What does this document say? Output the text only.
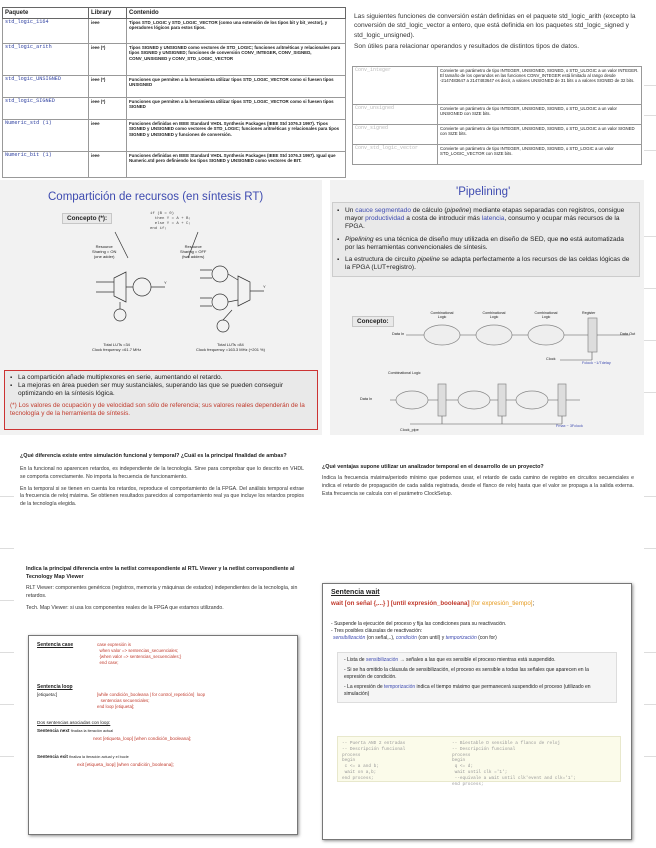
Paquete	Library	Contenido
std_logic_1164	ieee	Tipos STD_LOGIC y STD_LOGIC_VECTOR (como una extensión de los tipos bit y bit_vector), y operadores lógicos para estos tipos.
std_logic_arith	ieee (*)	Tipos SIGNED y UNSIGNED como vectores de STD_LOGIC; funciones aritméticas y relacionales para tipos SIGNED y UNSIGNED; funciones de conversión CONV_INTEGER, CONV_SIGNED, CONV_UNSIGNED y CONV_STD_LOGIC_VECTOR
std_logic_UNSIGNED	ieee (*)	Funciones que permiten a la herramienta utilizar tipos STD_LOGIC_VECTOR como si fuesen tipos UNSIGNED
std_logic_SIGNED	ieee (*)	Funciones que permiten a la herramienta utilizar tipos STD_LOGIC_VECTOR como si fuesen tipos SIGNED
Numeric_std (1)	ieee	Funciones definidas en IEEE Standard VHDL Synthesis Packages (IEEE Std 1076.3 1997). Tipos SIGNED y UNSIGNED como vectores de STD_LOGIC; funciones aritméticas y relacionales para tipos SIGNED y UNSIGNED y funciones de conversión.
Numeric_bit (1)	ieee	Funciones definidas en IEEE Standard VHDL Synthesis Packages (IEEE Std 1076.3 1997). Igual que Numeric.std pero definiendo los tipos SIGNED y UNSIGNED como vectores de BIT.
Las siguientes funciones de conversión están definidas en el paquete std_logic_arith (excepto la conversión de std_logic_vector a entero, que está definida en los paquetes std_logic_signed y std_logic_unsigned).
Son útiles para relacionar operandos y resultados de distintos tipos de datos.
Conv_integer	Convierte un parámetro de tipo INTEGER, UNSIGNED, SIGNED, o STD_ULOGIC a un valor INTEGER. El tamaño de los operandos en las funciones CONV_INTEGER está limitado al rango desde -2147483647 a 2147483647 es decir, a valores UNSIGNED de 31 bits o a valores SIGNED de 32 bits.
Conv_unsigned	Convierte un parámetro de tipo INTEGER, UNSIGNED, SIGNED, o STD_ULOGIC a un valor UNSIGNED con SIZE bits.
Conv_signed	Convierte un parámetro de tipo INTEGER, UNSIGNED, SIGNED, o STD_ULOGIC a un valor SIGNED con SIZE bits.
Conv_std_logic_vector	Convierte un parámetro de tipo INTEGER, UNSIGNED, SIGNED, o STD_LOGIC a un valor STD_LOGIC_VECTOR con SIZE bits.
Compartición de recursos (en síntesis RT)
Concepto (*):
if (B = 0)
then Y = A + B;
else Y = A + C;
end if;
Y
Y
Resource
Sharing = ON
(one adder)
Resource
Sharing = OFF
(two adders)
Total LUTs =34
Clock frequency =61.7 MHz
Total LUTs =84
Clock frequency =163.3 MHz (+201 %)
▪ La compartición añade multiplexores en serie, aumentando el retardo.
▪ La mejoras en área pueden ser muy sustanciales, superando las que se pueden conseguir optimizando en la síntesis lógica.
(*) Los valores de ocupación y de velocidad son sólo de referencia; sus valores reales dependerán de la tecnología y de la herramienta de síntesis.
'Pipelining'
▪ Un cauce segmentado de cálculo (pipeline) mediante etapas separadas con registros, consigue mayor productividad a costa de introducir más latencia, consumo y ocupar más recursos de la FPGA.
▪ Pipelining es una técnica de diseño muy utilizada en diseño de SED, que no está automatizada por las herramientas convencionales de síntesis.
▪ La estructura de circuito pipeline se adapta perfectamente a los recursos de las celdas lógicas de la FPGA (LUT+registro).
Concepto:
Combinational Logic
Combinational Logic
Combinational Logic
Register
Data In	Data Out
Clock
Fclock ~1/Tdelay
Combinational Logic
Data In
Clock_pipe
Fmax ~ 3Fclock
¿Qué diferencia existe entre simulación funcional y temporal? ¿Cuál es la principal finalidad de ambas?
En la funcional no aparencen retardos, es independiente de la tecnología. Sirve para comprobar que lo descrito en VHDL se comporta correctamente. No importa la frecuencia de funcionamiento.
En la temporal si se tienen en cuenta los retardos, reproduce el comportamiento de la FPGA. Del análisis temporal extrae la frecuencia de reloj máxima. Se obtienen resultados parecidos al comportamiento real ya que incluye los retardos propios de la tecnología elegida.
¿Qué ventajas supone utilizar un analizador temporal en el desarrollo de un proyecto?
Indica la frecuencia máxima/periodo mínimo que podemos usar, el retardo de cada camino de registro en circuitos secuenciales e indica el retardo de propagación de cada salida registrada, desde el flanco de reloj hasta que el valor se propaga a la salida externa. Esta frecuencia se calcula con el parámetro ClockSetup.
Indica la principal diferencia entre la netlist correspondiente al RTL Viewer y la netlist correspondiente al Tecnology Map Viewer
RLT Viewer: componentes genéricos (registros, memoria y máquinas de estados) independientes de la tecnología, sin retardos.
Tech. Map Viewer: si usa los componentes reales de la FPGA que estamos utilizando.
Sentencia case	case expresión is
when valor => sentencias_secuenciales;
{when valor => sentencias_secuenciales;}
end case;
Sentencia loop
[etiqueta:]	[while condición_booleana | for control_repetición]  loop
sentencias secuenciales;
end loop [etiqueta];
Dos sentencias asociadas con loop:
Sentencia next finaliza la iteración actual
next [etiqueta_loop] [when condición_booleana];
Sentencia exit finaliza la iteración actual y el bucle
exit [etiqueta_loop] [when condición_booleana];
Sentencia wait
wait [on señal {,...} ] [until expresión_booleana] [for expresión_tiempo];
- Suspende la ejecución del proceso y fija las condiciones para su reactivación.
- Tres posibles cláusulas de reactivación:
sensibilización (on señal,..), condición (con until) y temporización (con for)
- Lista de sensibilización → señales a las que es sensible el proceso mientras está suspendido.
- Si se ha omitido la cláusula de sensibilización, el proceso es sensible a todas las señales que aparecen en la expresión de condición.
- La expresión de temporización indica el tiempo máximo que permanecerá suspendido el proceso (utilizado en simulación)
-- Puerta AND 2 entradas
-- Descripción funcional
process
begin
c <= a and b;
wait on a,b;
end process;
-- Biestable D sensible a flanco de reloj
-- Descripción funcional
process
begin
q <= d;
wait until clk ='1';
--equivale a wait until clk'event and clk='1';
end process;
